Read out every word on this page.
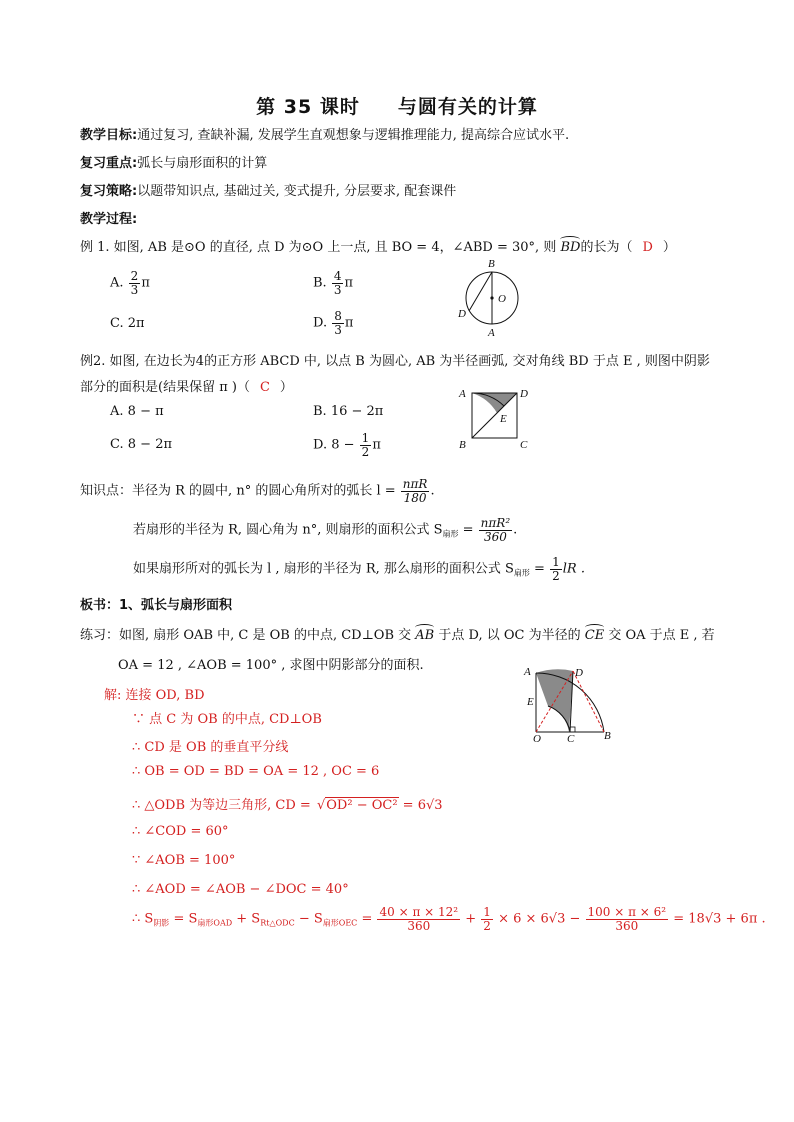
第 35 课时 与圆有关的计算
教学目标:通过复习, 查缺补漏, 发展学生直观想象与逻辑推理能力, 提高综合应试水平.
复习重点:弧长与扇形面积的计算
复习策略:以题带知识点, 基础过关, 变式提升, 分层要求, 配套课件
教学过程:
例 1. 如图, AB 是⊙O 的直径, 点 D 为⊙O 上一点, 且 BO = 4，∠ABD = 30°, 则 BD的长为（ D ）
A. $\frac{2}{3}$ π	B. $\frac{4}{3}$ π
C. 2π	D. $\frac{8}{3}$ π
B
O
D
A
例2. 如图, 在边长为4的正方形 ABCD 中, 以点 B 为圆心, AB 为半径画弧, 交对角线 BD 于点 E , 则图中阴影
部分的面积是(结果保留 π )（ C ）
A. 8 − π	B. 16 − 2π
C. 8 − 2π	D. $8 - \frac{1}{2}$ π
A	D
E
B	C
知识点：半径为 R 的圆中, n° 的圆心角所对的弧长 $l = \frac{\text{nπR}}{180}$ .
若扇形的半径为 R, 圆心角为 n°, 则扇形的面积公式 $S_{扇形} = \frac{\text{nπR²}}{360}$ .
如果扇形所对的弧长为 l , 扇形的半径为 R, 那么扇形的面积公式 $S_{扇形} = \frac{1}{2}$ lR .
板书：1、弧长与扇形面积
练习：如图, 扇形 OAB 中, C 是 OB 的中点, CD⊥OB 交 AB 于点 D, 以 OC 为半径的 CE 交 OA 于点 E , 若
OA = 12 , ∠AOB = 100° , 求图中阴影部分的面积.	A	D
E
O C	B
解: 连接 OD, BD
∵ 点 C 为 OB 的中点, CD⊥OB
∴ CD 是 OB 的垂直平分线
∴ OB = OD = BD = OA = 12 , OC = 6
∴ △ODB 为等边三角形, CD = √OD² − OC² = 6√3
∴ ∠COD = 60°
∵ ∠AOB = 100°
∴ ∠AOD = ∠AOB − ∠DOC = 40°
∴ $S_{阴影} = S_{扇形OAD} + S_{Rt\triangle ODC} - S_{扇形OEC} = \frac{\text{40 × π × 12²}}{360} + \frac{1}{2} \times 6 \times 6√3 - \frac{\text{100 × π × 6²}}{360} = 18√3 + 6\pi$ .
